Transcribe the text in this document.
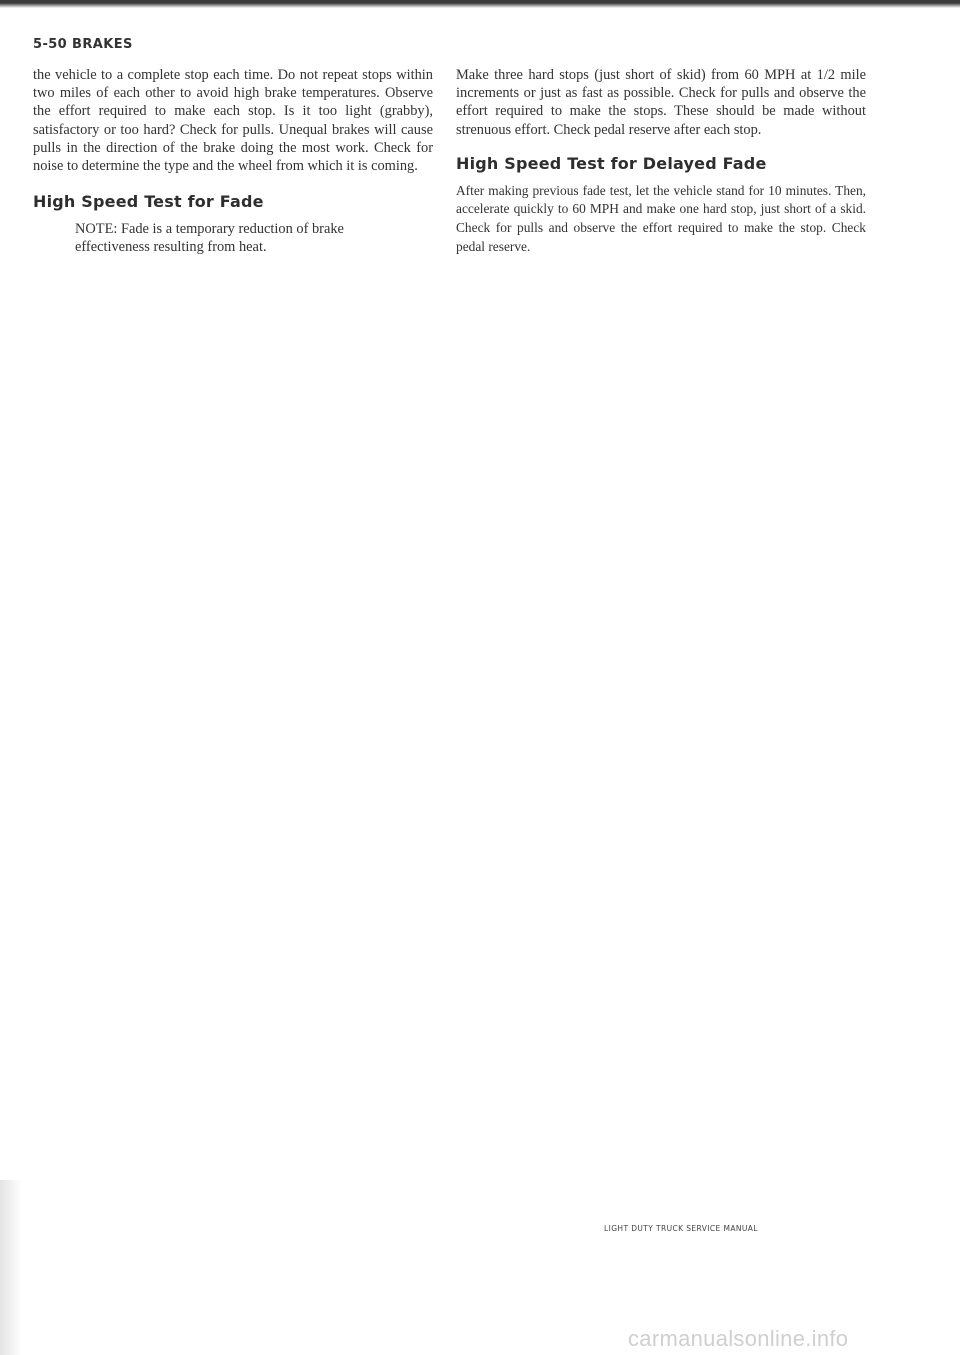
5-50 BRAKES

the vehicle to a complete stop each time. Do not repeat stops within two miles of each other to avoid high brake temperatures. Observe the effort required to make each stop. Is it too light (grabby), satisfactory or too hard? Check for pulls. Unequal brakes will cause pulls in the direction of the brake doing the most work. Check for noise to determine the type and the wheel from which it is coming.

High Speed Test for Fade

NOTE: Fade is a temporary reduction of brake effectiveness resulting from heat.

Make three hard stops (just short of skid) from 60 MPH at 1/2 mile increments or just as fast as possible. Check for pulls and observe the effort required to make the stops. These should be made without strenuous effort. Check pedal reserve after each stop.

High Speed Test for Delayed Fade

After making previous fade test, let the vehicle stand for 10 minutes. Then, accelerate quickly to 60 MPH and make one hard stop, just short of a skid. Check for pulls and observe the effort required to make the stop. Check pedal reserve.

LIGHT DUTY TRUCK SERVICE MANUAL
carmanualsonline.info
